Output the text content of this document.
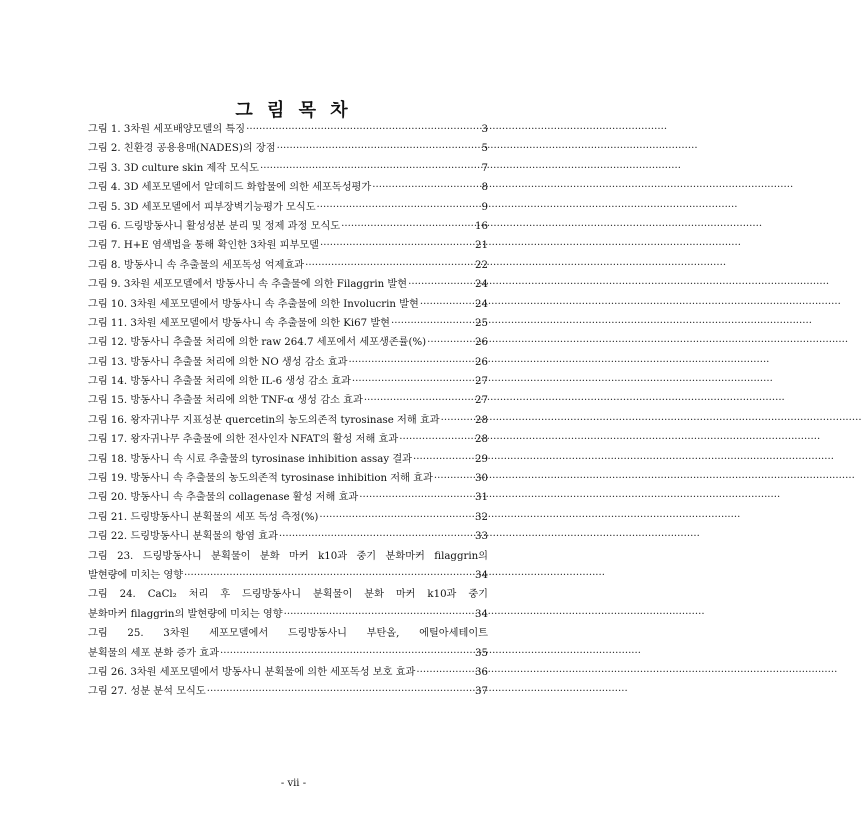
그 림 목 차
그림 1. 3차원 세포배양모델의 특징 ·····	3
그림 2. 친환경 공용용매(NADES)의 장점 ·····	5
그림 3. 3D culture skin 제작 모식도 ·····	7
그림 4. 3D 세포모델에서 알데히드 화합물에 의한 세포독성평가 ·····	8
그림 5. 3D 세포모델에서 피부장벽기능평가 모식도 ·····	9
그림 6. 드링방동사니 활성성분 분리 및 정제 과정 모식도 ·····	16
그림 7. H+E 염색법을 통해 확인한 3차원 피부모델 ·····	21
그림 8. 방동사니 속 추출물의 세포독성 억제효과 ·····	22
그림 9. 3차원 세포모델에서 방동사니 속 추출물에 의한 Filaggrin 발현 ·····	24
그림 10. 3차원 세포모델에서 방동사니 속 추출물에 의한 Involucrin 발현 ·····	24
그림 11. 3차원 세포모델에서 방동사니 속 추출물에 의한 Ki67 발현 ·····	25
그림 12. 방동사니 추출물 처리에 의한 raw 264.7 세포에서 세포생존률(%) ·····	26
그림 13. 방동사니 추출물 처리에 의한 NO 생성 감소 효과 ·····	26
그림 14. 방동사니 추출물 처리에 의한 IL-6 생성 감소 효과 ·····	27
그림 15. 방동사니 추출물 처리에 의한 TNF-α 생성 감소 효과 ·····	27
그림 16. 왕자귀나무 지표성분 quercetin의 농도의존적 tyrosinase 저해 효과 ·····	28
그림 17. 왕자귀나무 추출물에 의한 전사인자 NFAT의 활성 저해 효과 ·····	28
그림 18. 방동사니 속 시료 추출물의 tyrosinase inhibition assay 결과 ·····	29
그림 19. 방동사니 속 추출물의 농도의존적 tyrosinase inhibition 저해 효과 ·····	30
그림 20. 방동사니 속 추출물의 collagenase 활성 저해 효과 ·····	31
그림 21. 드링방동사니 분획물의 세포 독성 측정(%) ·····	32
그림 22. 드링방동사니 분획물의 항염 효과 ·····	33
그림 23. 드링방동사니 분획물이 분화 마커 k10과 중기 분화마커 filaggrin의
발현량에 미치는 영향 ·····	34
그림 24. CaCl₂ 처리 후 드링방동사니 분획물이 분화 마커 k10과 중기
분화마커 filaggrin의 발현량에 미치는 영향 ·····	34
그림 25. 3차원 세포모델에서 드링방동사니 부탄올, 에틸아세테이트
분획물의 세포 분화 증가 효과 ·····	35
그림 26. 3차원 세포모델에서 방동사니 분획물에 의한 세포독성 보호 효과 ·····	36
그림 27. 성분 분석 모식도 ·····	37
- vii -
